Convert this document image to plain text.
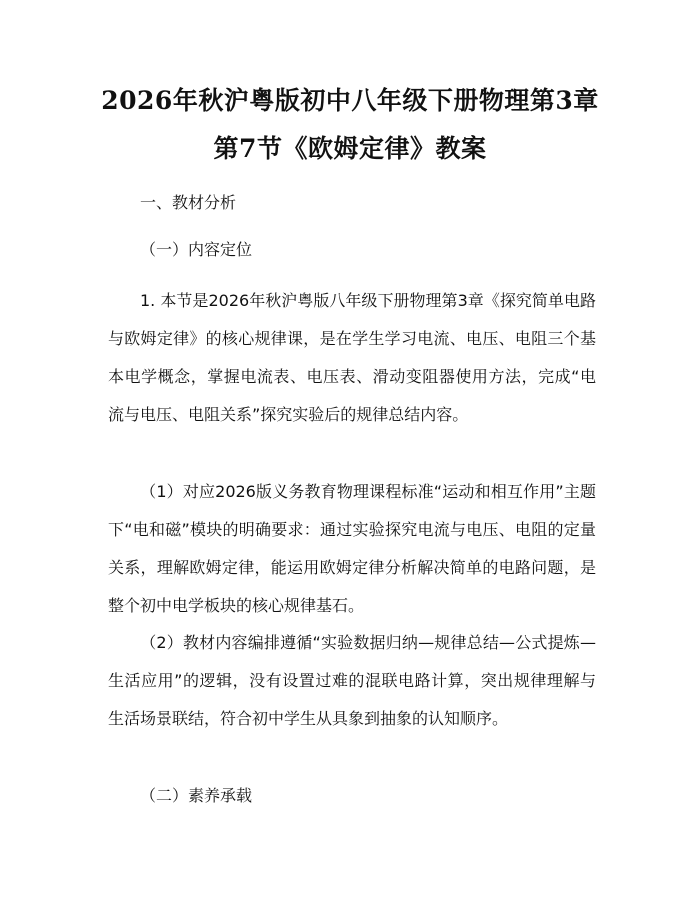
2026年秋沪粤版初中八年级下册物理第3章
第7节《欧姆定律》教案
一、教材分析
（一）内容定位
1. 本节是2026年秋沪粤版八年级下册物理第3章《探究简单电路与欧姆定律》的核心规律课，是在学生学习电流、电压、电阻三个基本电学概念，掌握电流表、电压表、滑动变阻器使用方法，完成“电流与电压、电阻关系”探究实验后的规律总结内容。
（1）对应2026版义务教育物理课程标准“运动和相互作用”主题下“电和磁”模块的明确要求：通过实验探究电流与电压、电阻的定量关系，理解欧姆定律，能运用欧姆定律分析解决简单的电路问题，是整个初中电学板块的核心规律基石。
（2）教材内容编排遵循“实验数据归纳—规律总结—公式提炼—生活应用”的逻辑，没有设置过难的混联电路计算，突出规律理解与生活场景联结，符合初中学生从具象到抽象的认知顺序。
（二）素养承载
